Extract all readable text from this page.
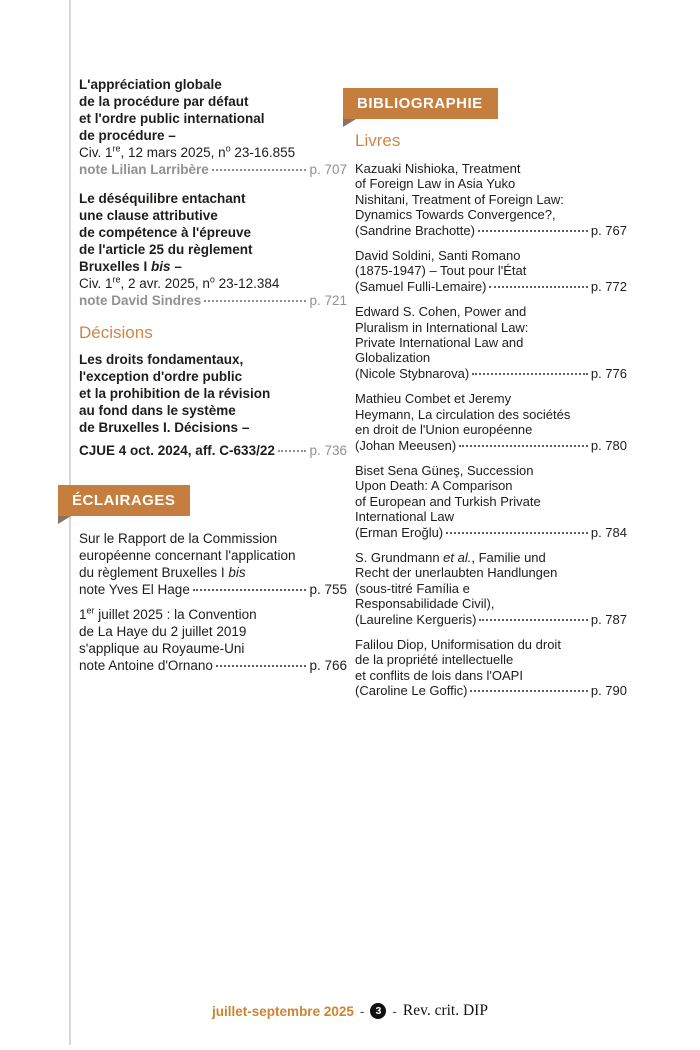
L'appréciation globale
de la procédure par défaut
et l'ordre public international
de procédure –
Civ. 1re, 12 mars 2025, $n^o$ 23-16.855
note Lilian Larribère	p. 707
Le déséquilibre entachant
une clause attributive
de compétence à l'épreuve
de l'article 25 du règlement
Bruxelles I bis –
Civ. 1re, 2 avr. 2025, $n^o$ 23-12.384
note David Sindres	p. 721
Décisions
Les droits fondamentaux,
l'exception d'ordre public
et la prohibition de la révision
au fond dans le système
de Bruxelles I. Décisions –
CJUE 4 oct. 2024, aff. C-633/22	p. 736
ÉCLAIRAGES
Sur le Rapport de la Commission
européenne concernant l'application
du règlement Bruxelles I bis
note Yves El Hage	p. 755
1er juillet 2025 : la Convention
de La Haye du 2 juillet 2019
s'applique au Royaume-Uni
note Antoine d'Ornano	p. 766
BIBLIOGRAPHIE
Livres
Kazuaki Nishioka, Treatment
of Foreign Law in Asia Yuko
Nishitani, Treatment of Foreign Law:
Dynamics Towards Convergence?,
(Sandrine Brachotte)	p. 767
David Soldini, Santi Romano
(1875-1947) – Tout pour l'État
(Samuel Fulli-Lemaire)	p. 772
Edward S. Cohen, Power and
Pluralism in International Law:
Private International Law and
Globalization
(Nicole Stybnarova)	p. 776
Mathieu Combet et Jeremy
Heymann, La circulation des sociétés
en droit de l'Union européenne
(Johan Meeusen)	p. 780
Biset Sena Güneş, Succession
Upon Death: A Comparison
of European and Turkish Private
International Law
(Erman Eroğlu)	p. 784
S. Grundmann et al., Familie und
Recht der unerlaubten Handlungen
(sous-titré Família e
Responsabilidade Civil),
(Laureline Kergueris)	p. 787
Falilou Diop, Uniformisation du droit
de la propriété intellectuelle
et conflits de lois dans l'OAPI
(Caroline Le Goffic)	p. 790
juillet-septembre 2025 - 3 - Rev. crit. DIP
